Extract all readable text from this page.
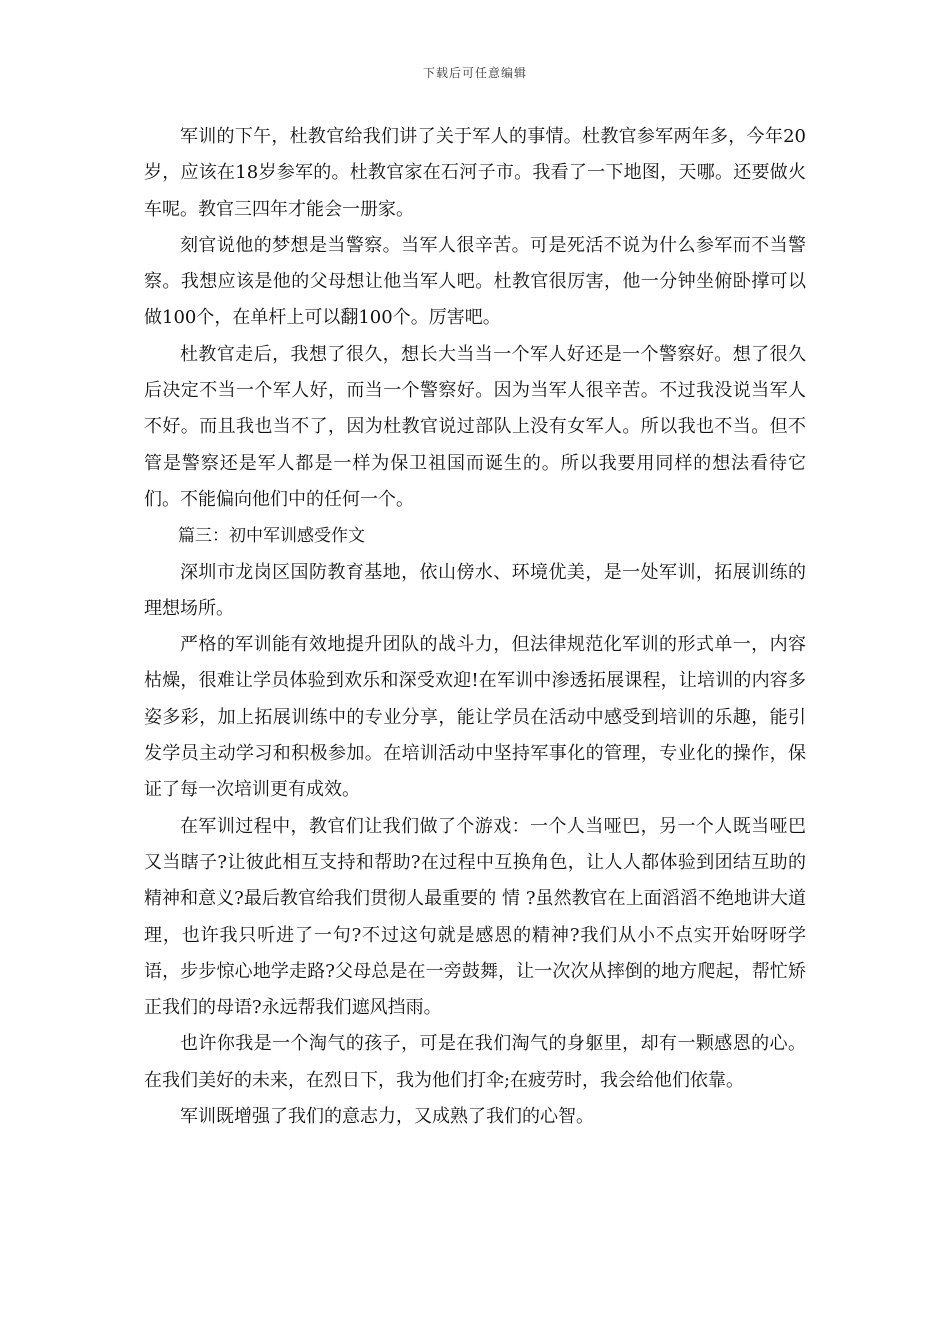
下载后可任意编辑

军训的下午，杜教官给我们讲了关于军人的事情。杜教官参军两年多，今年20岁，应该在18岁参军的。杜教官家在石河子市。我看了一下地图，天哪。还要做火车呢。教官三四年才能会一册家。

刻官说他的梦想是当警察。当军人很辛苦。可是死活不说为什么参军而不当警察。我想应该是他的父母想让他当军人吧。杜教官很厉害，他一分钟坐俯卧撑可以做100个，在单杆上可以翻100个。厉害吧。

杜教官走后，我想了很久，想长大当当一个军人好还是一个警察好。想了很久后决定不当一个军人好，而当一个警察好。因为当军人很辛苦。不过我没说当军人不好。而且我也当不了，因为杜教官说过部队上没有女军人。所以我也不当。但不管是警察还是军人都是一样为保卫祖国而诞生的。所以我要用同样的想法看待它们。不能偏向他们中的任何一个。

篇三：初中军训感受作文

深圳市龙岗区国防教育基地，依山傍水、环境优美，是一处军训，拓展训练的理想场所。

严格的军训能有效地提升团队的战斗力，但法律规范化军训的形式单一，内容枯燥，很难让学员体验到欢乐和深受欢迎!在军训中渗透拓展课程，让培训的内容多姿多彩，加上拓展训练中的专业分享，能让学员在活动中感受到培训的乐趣，能引发学员主动学习和积极参加。在培训活动中坚持军事化的管理，专业化的操作，保证了每一次培训更有成效。

在军训过程中，教官们让我们做了个游戏：一个人当哑巴，另一个人既当哑巴又当瞎子?让彼此相互支持和帮助?在过程中互换角色，让人人都体验到团结互助的精神和意义?最后教官给我们贯彻人最重要的 情 ?虽然教官在上面滔滔不绝地讲大道理，也许我只听进了一句?不过这句就是感恩的精神?我们从小不点实开始呀呀学语，步步惊心地学走路?父母总是在一旁鼓舞，让一次次从摔倒的地方爬起，帮忙矫正我们的母语?永远帮我们遮风挡雨。

也许你我是一个淘气的孩子，可是在我们淘气的身躯里，却有一颗感恩的心。在我们美好的未来，在烈日下，我为他们打伞;在疲劳时，我会给他们依靠。

军训既增强了我们的意志力，又成熟了我们的心智。
